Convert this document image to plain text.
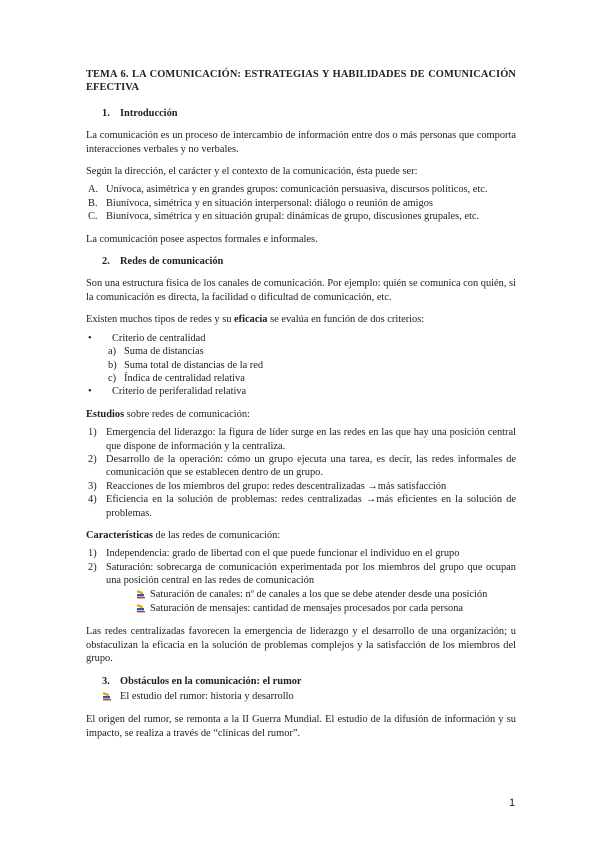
TEMA 6. LA COMUNICACIÓN: ESTRATEGIAS Y HABILIDADES DE COMUNICACIÓN EFECTIVA
1. Introducción

La comunicación es un proceso de intercambio de información entre dos o más personas que comporta interacciones verbales y no verbales.

Según la dirección, el carácter y el contexto de la comunicación, ésta puede ser:

A. Unívoca, asimétrica y en grandes grupos: comunicación persuasiva, discursos políticos, etc.
B. Biunívoca, simétrica y en situación interpersonal: diálogo o reunión de amigos
C. Biunívoca, simétrica y en situación grupal: dinámicas de grupo, discusiones grupales, etc.

La comunicación posee aspectos formales e informales.

2. Redes de comunicación

Son una estructura física de los canales de comunicación. Por ejemplo: quién se comunica con quién, si la comunicación es directa, la facilidad o dificultad de comunicación, etc.

Existen muchos tipos de redes y su eficacia se evalúa en función de dos criterios:

•	Criterio de centralidad
a) Suma de distancias
b) Suma total de distancias de la red
c) Índica de centralidad relativa
•	Criterio de periferalidad relativa

Estudios sobre redes de comunicación:

1) Emergencia del liderazgo: la figura de líder surge en las redes en las que hay una posición central que dispone de información y la centraliza.
2) Desarrollo de la operación: cómo un grupo ejecuta una tarea, es decir, las redes informales de comunicación que se establecen dentro de un grupo.
3) Reacciones de los miembros del grupo: redes descentralizadas →más satisfacción
4) Eficiencia en la solución de problemas: redes centralizadas →más eficientes en la solución de problemas.

Características de las redes de comunicación:

1) Independencia: grado de libertad con el que puede funcionar el individuo en el grupo
2) Saturación: sobrecarga de comunicación experimentada por los miembros del grupo que ocupan una posición central en las redes de comunicación
Saturación de canales: nº de canales a los que se debe atender desde una posición
Saturación de mensajes: cantidad de mensajes procesados por cada persona

Las redes centralizadas favorecen la emergencia de liderazgo y el desarrollo de una organización; u obstaculizan la eficacia en la solución de problemas complejos y la satisfacción de los miembros del grupo.

3. Obstáculos en la comunicación: el rumor
El estudio del rumor: historia y desarrollo

El origen del rumor, se remonta a la II Guerra Mundial. El estudio de la difusión de información y su impacto, se realiza a través de “clínicas del rumor”.

1
